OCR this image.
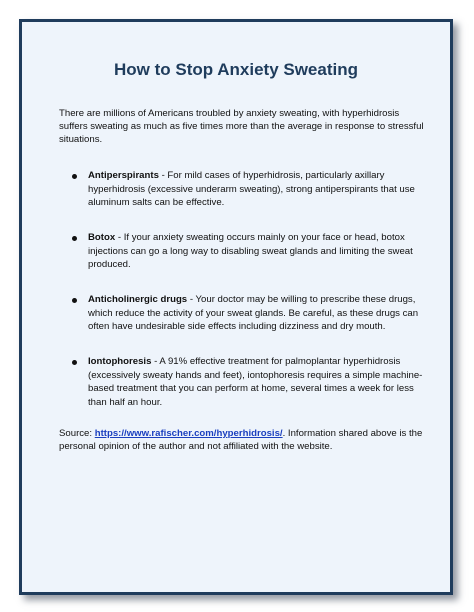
How to Stop Anxiety Sweating

There are millions of Americans troubled by anxiety sweating, with hyperhidrosis suffers sweating as much as five times more than the average in response to stressful situations.

Antiperspirants - For mild cases of hyperhidrosis, particularly axillary hyperhidrosis (excessive underarm sweating), strong antiperspirants that use aluminum salts can be effective.
Botox - If your anxiety sweating occurs mainly on your face or head, botox injections can go a long way to disabling sweat glands and limiting the sweat produced.
Anticholinergic drugs - Your doctor may be willing to prescribe these drugs, which reduce the activity of your sweat glands. Be careful, as these drugs can often have undesirable side effects including dizziness and dry mouth.
Iontophoresis - A 91% effective treatment for palmoplantar hyperhidrosis (excessively sweaty hands and feet), iontophoresis requires a simple machine-based treatment that you can perform at home, several times a week for less than half an hour.

Source: https://www.rafischer.com/hyperhidrosis/. Information shared above is the personal opinion of the author and not affiliated with the website.
